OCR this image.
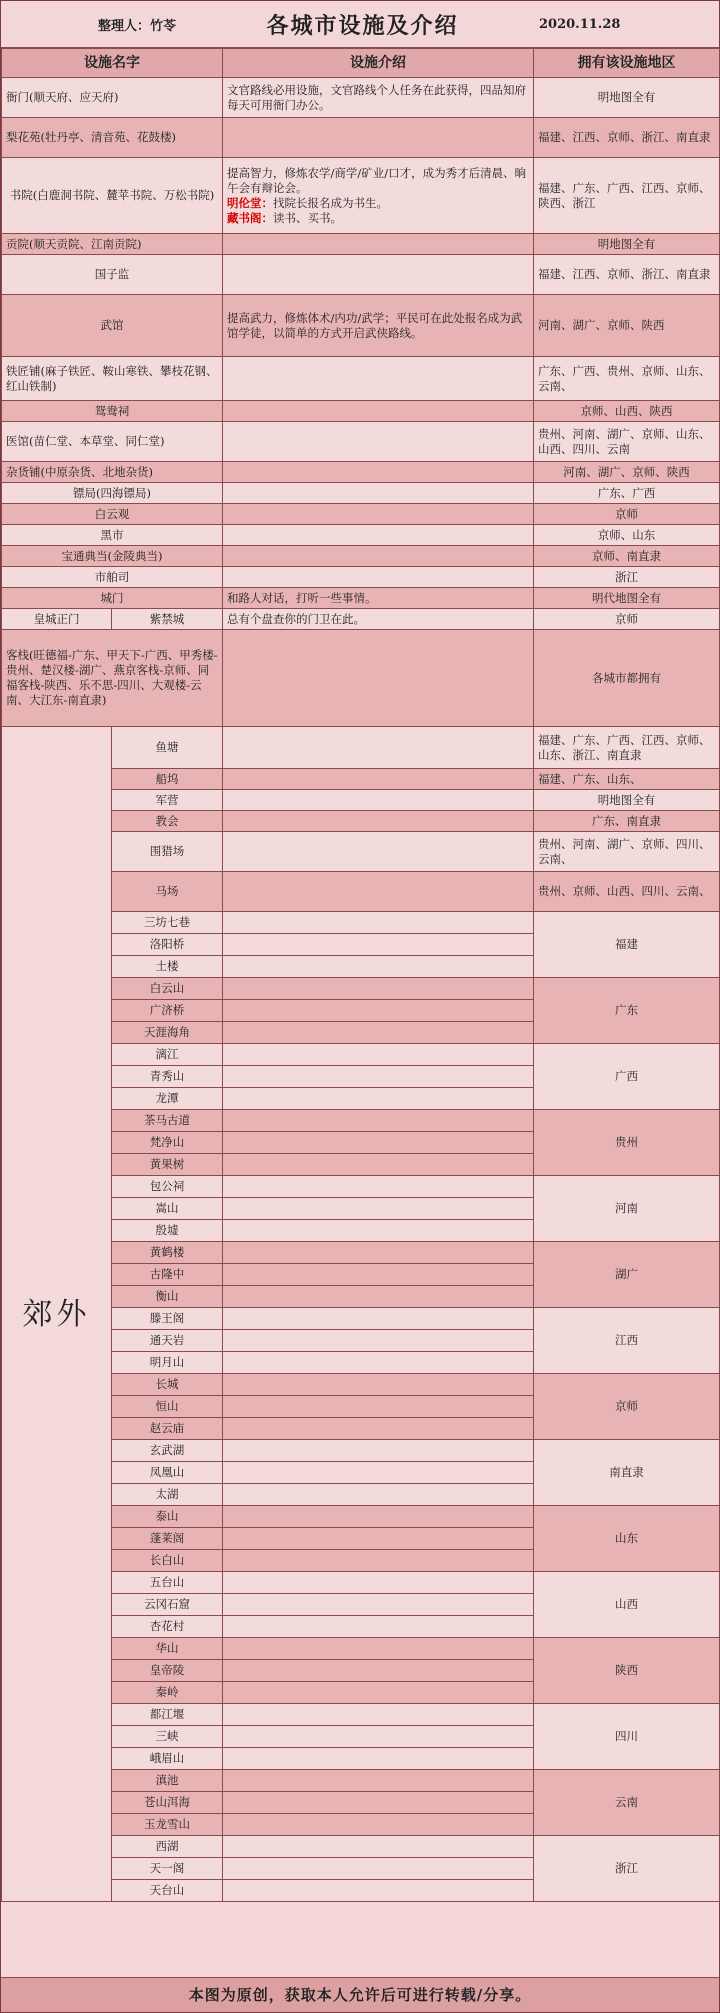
整理人：竹苓	各城市设施及介绍	2020.11.28
设施名字		设施介绍	拥有该设施地区
衙门(顺天府、应天府)		文官路线必用设施，文官路线个人任务在此获得，四品知府每天可用衙门办公。	明地图全有
梨花苑(牡丹亭、清音苑、花鼓楼)			福建、江西、京师、浙江、南直隶
书院(白鹿洞书院、麓苹书院、万松书院)		提高智力，修炼农学/商学/矿业/口才，成为秀才后清晨、晌午会有辩论会。
明伦堂：找院长报名成为书生。
藏书阁：读书、买书。	福建、广东、广西、江西、京师、陕西、浙江
贡院(顺天贡院、江南贡院)			明地图全有
国子监			福建、江西、京师、浙江、南直隶
武馆		提高武力，修炼体术/内功/武学；平民可在此处报名成为武馆学徒，以简单的方式开启武侠路线。	河南、湖广、京师、陕西
铁匠铺(麻子铁匠、鞍山寒铁、攀枝花钢、红山铁制)			广东、广西、贵州、京师、山东、云南、
鸳鸯祠			京师、山西、陕西
医馆(苗仁堂、本草堂、同仁堂)			贵州、河南、湖广、京师、山东、山西、四川、云南
杂货铺(中原杂货、北地杂货)			河南、湖广、京师、陕西
镖局(四海镖局)			广东、广西
白云观			京师
黑市			京师、山东
宝通典当(金陵典当)			京师、南直隶
市舶司			浙江
城门		和路人对话，打听一些事情。	明代地图全有
皇城正门	紫禁城	总有个盘查你的门卫在此。	京师
客栈(旺德福-广东、甲天下-广西、甲秀楼-贵州、楚汉楼-湖广、燕京客栈-京师、同福客栈-陕西、乐不思-四川、大观楼-云南、大江东-南直隶)			各城市都拥有
郊外	鱼塘		福建、广东、广西、江西、京师、山东、浙江、南直隶
	船坞		福建、广东、山东、
	军营		明地图全有
	教会		广东、南直隶
	围猎场		贵州、河南、湖广、京师、四川、云南、
	马场		贵州、京师、山西、四川、云南、
	三坊七巷		福建
	洛阳桥		
	土楼		
	白云山		广东
	广济桥		
	天涯海角		
	漓江		广西
	青秀山		
	龙潭		
	茶马古道		贵州
	梵净山		
	黄果树		
	包公祠		河南
	嵩山		
	殷墟		
	黄鹤楼		湖广
	古隆中		
	衡山		
	滕王阁		江西
	通天岩		
	明月山		
	长城		京师
	恒山		
	赵云庙		
	玄武湖		南直隶
	凤凰山		
	太湖		
	泰山		山东
	蓬莱阁		
	长白山		
	五台山		山西
	云冈石窟		
	杏花村		
	华山		陕西
	皇帝陵		
	秦岭		
	都江堰		四川
	三峡		
	峨眉山		
	滇池		云南
	苍山洱海		
	玉龙雪山		
	西湖		浙江
	天一阁		
	天台山		
本图为原创，获取本人允许后可进行转载/分享。
